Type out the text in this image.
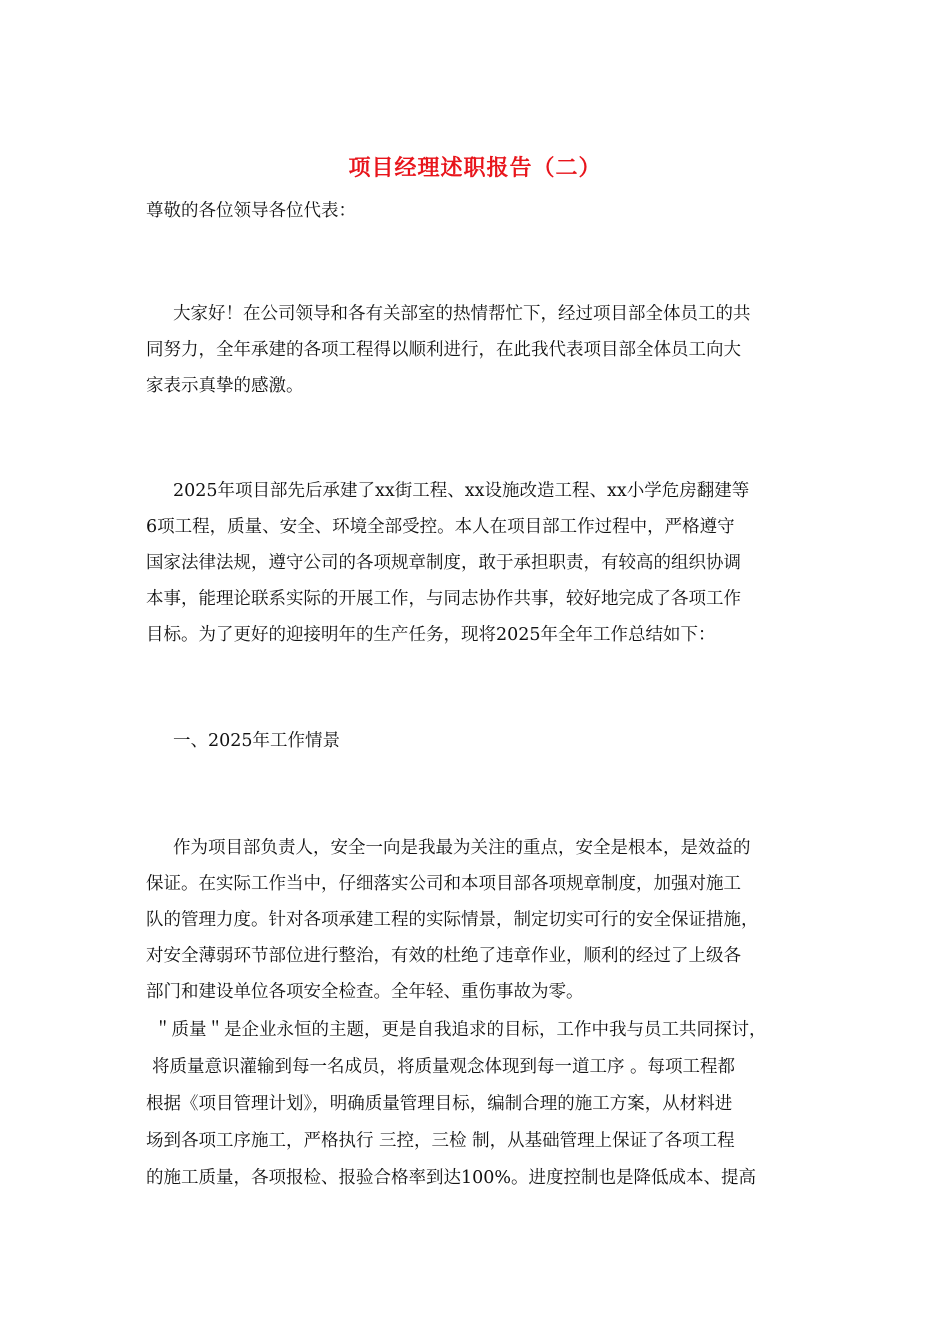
项目经理述职报告（二）
尊敬的各位领导各位代表：
大家好！在公司领导和各有关部室的热情帮忙下，经过项目部全体员工的共
同努力，全年承建的各项工程得以顺利进行，在此我代表项目部全体员工向大
家表示真挚的感激。
2025年项目部先后承建了xx街工程、xx设施改造工程、xx小学危房翻建等
6项工程，质量、安全、环境全部受控。本人在项目部工作过程中，严格遵守
国家法律法规，遵守公司的各项规章制度，敢于承担职责，有较高的组织协调
本事，能理论联系实际的开展工作，与同志协作共事，较好地完成了各项工作
目标。为了更好的迎接明年的生产任务，现将2025年全年工作总结如下：
一、2025年工作情景
作为项目部负责人，安全一向是我最为关注的重点，安全是根本，是效益的
保证。在实际工作当中，仔细落实公司和本项目部各项规章制度，加强对施工
队的管理力度。针对各项承建工程的实际情景，制定切实可行的安全保证措施，
对安全薄弱环节部位进行整治，有效的杜绝了违章作业，顺利的经过了上级各
部门和建设单位各项安全检查。全年轻、重伤事故为零。
＂质量＂是企业永恒的主题，更是自我追求的目标，工作中我与员工共同探讨，
将质量意识灌输到每一名成员，将质量观念体现到每一道工序 。每项工程都
根据《项目管理计划》，明确质量管理目标，编制合理的施工方案，从材料进
场到各项工序施工，严格执行 三控，三检 制，从基础管理上保证了各项工程
的施工质量，各项报检、报验合格率到达100%。进度控制也是降低成本、提高
